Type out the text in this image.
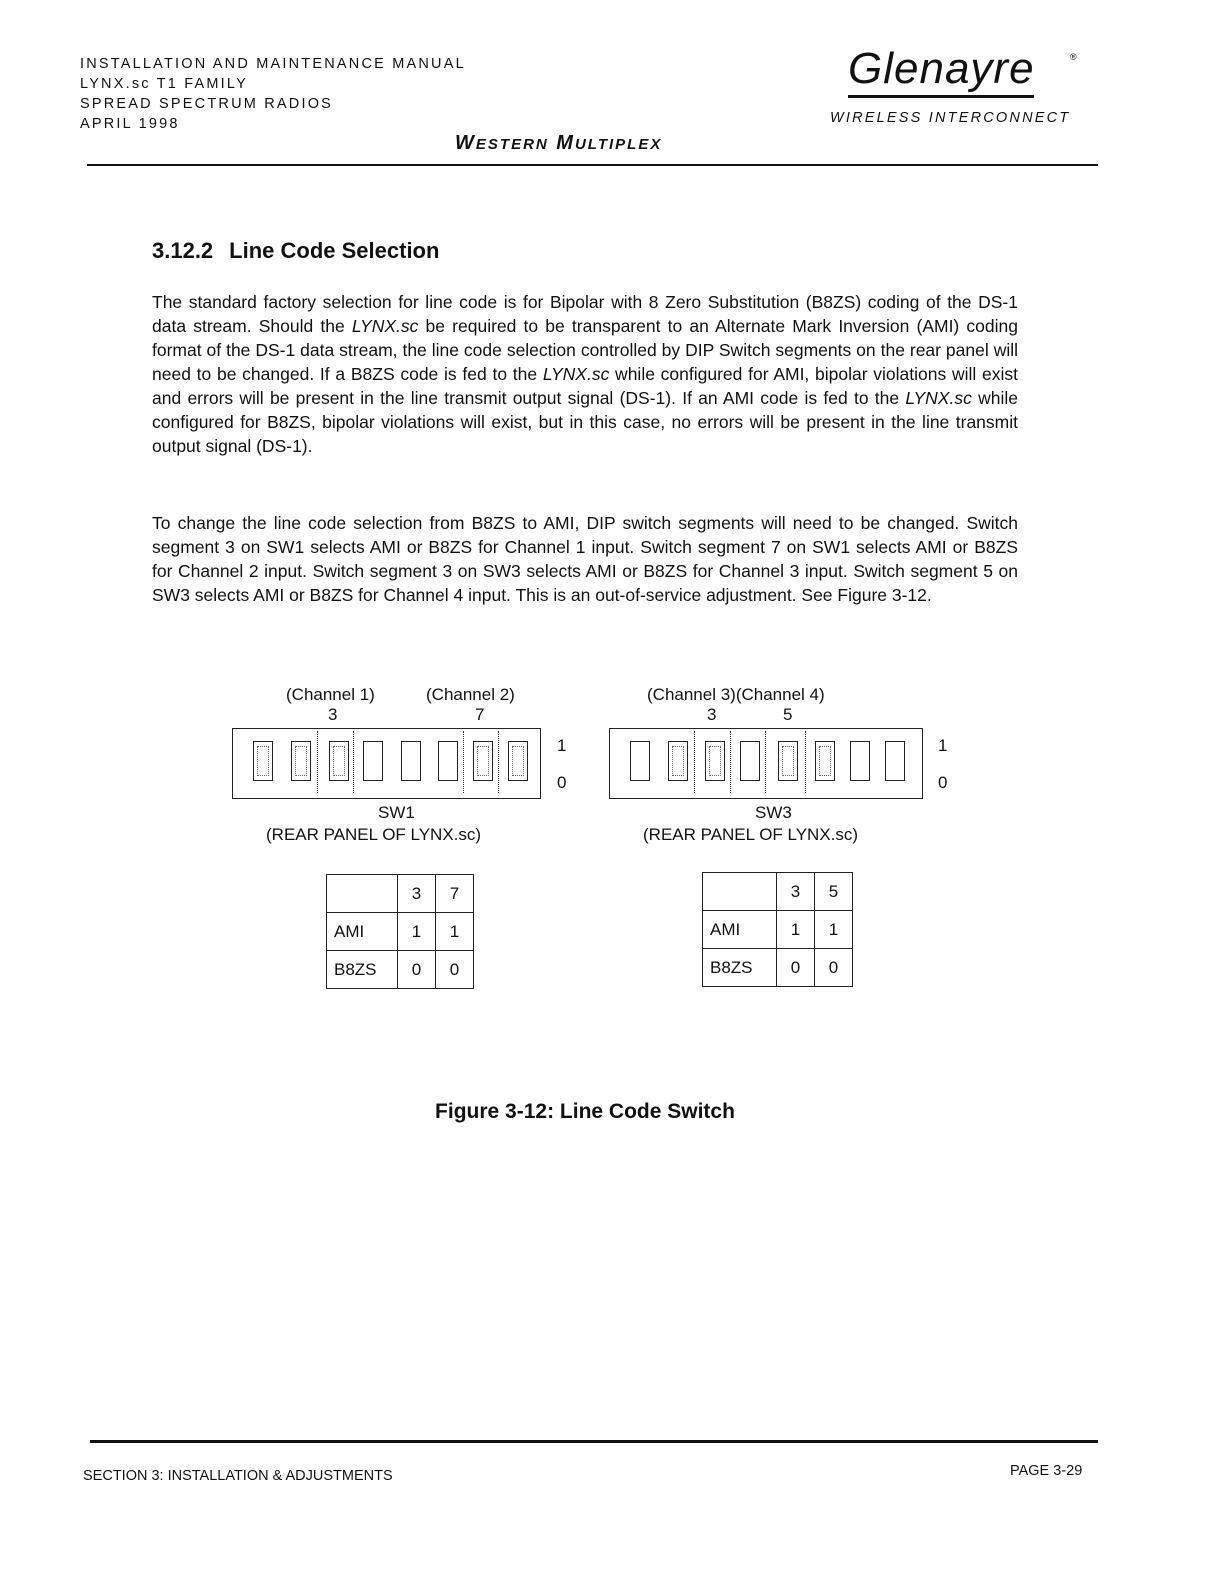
INSTALLATION AND MAINTENANCE MANUAL
LYNX.sc T1 FAMILY
SPREAD SPECTRUM RADIOS
APRIL 1998
Glenayre	®
WIRELESS INTERCONNECT
WESTERN MULTIPLEX
3.12.2 Line Code Selection
The standard factory selection for line code is for Bipolar with 8 Zero Substitution (B8ZS) coding of the DS-1 data stream. Should the LYNX.sc be required to be transparent to an Alternate Mark Inversion (AMI) coding format of the DS-1 data stream, the line code selection controlled by DIP Switch segments on the rear panel will need to be changed. If a B8ZS code is fed to the LYNX.sc while configured for AMI, bipolar violations will exist and errors will be present in the line transmit output signal (DS-1). If an AMI code is fed to the LYNX.sc while configured for B8ZS, bipolar violations will exist, but in this case, no errors will be present in the line transmit output signal (DS-1).
To change the line code selection from B8ZS to AMI, DIP switch segments will need to be changed. Switch segment 3 on SW1 selects AMI or B8ZS for Channel 1 input. Switch segment 7 on SW1 selects AMI or B8ZS for Channel 2 input. Switch segment 3 on SW3 selects AMI or B8ZS for Channel 3 input. Switch segment 5 on SW3 selects AMI or B8ZS for Channel 4 input. This is an out-of-service adjustment. See Figure 3-12.
(Channel 1)	(Channel 2)
3	7
1
0
SW1
(REAR PANEL OF LYNX.sc)
	3	7
AMI	1	1
B8ZS	0	0
(Channel 3)(Channel 4)
3	5
1
0
SW3
(REAR PANEL OF LYNX.sc)
	3	5
AMI	1	1
B8ZS	0	0
Figure 3-12: Line Code Switch
SECTION 3: INSTALLATION & ADJUSTMENTS	PAGE 3-29
